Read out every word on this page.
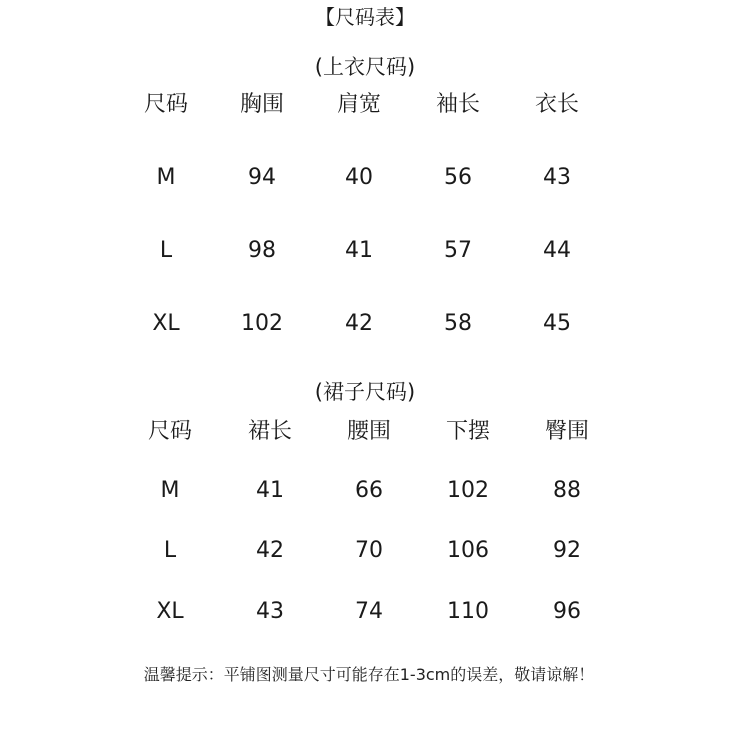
【尺码表】
(上衣尺码)
尺码 胸围 肩宽 袖长 衣长
M	94	40	56	43
L	98	41	57	44
XL	102	42	58	45
(裙子尺码)
尺码	裙长 腰围 下摆 臀围
M	41	66	102	88
L	42	70	106	92
XL	43	74	110	96
温馨提示：平铺图测量尺寸可能存在1-3cm的误差，敬请谅解！
